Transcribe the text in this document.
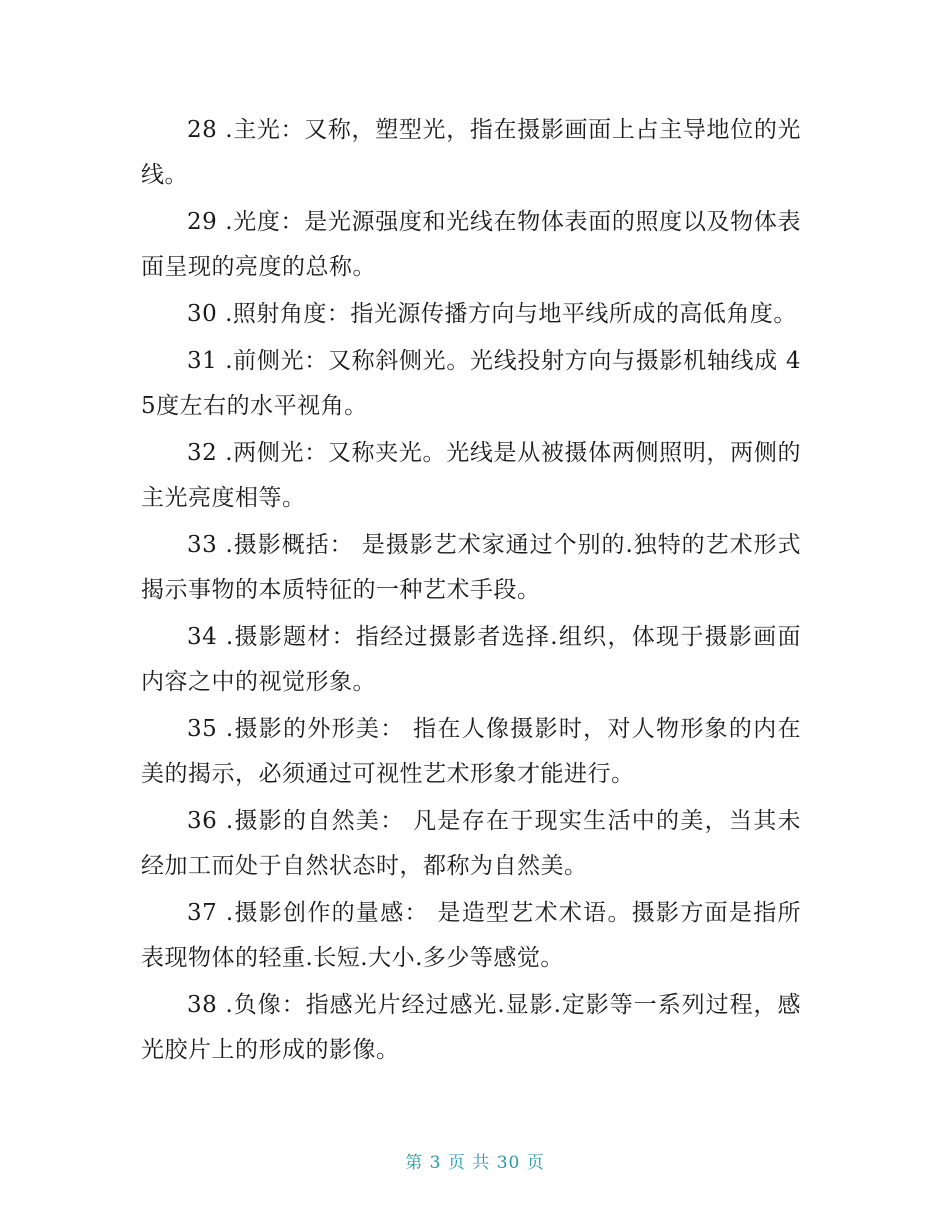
28 .主光：又称，塑型光，指在摄影画面上占主导地位的光线。

29 .光度：是光源强度和光线在物体表面的照度以及物体表面呈现的亮度的总称。

30 .照射角度：指光源传播方向与地平线所成的高低角度。

31 .前侧光：又称斜侧光。光线投射方向与摄影机轴线成 45度左右的水平视角。

32 .两侧光：又称夹光。光线是从被摄体两侧照明，两侧的主光亮度相等。

33 .摄影概括： 是摄影艺术家通过个别的.独特的艺术形式揭示事物的本质特征的一种艺术手段。

34 .摄影题材：指经过摄影者选择.组织，体现于摄影画面内容之中的视觉形象。

35 .摄影的外形美： 指在人像摄影时，对人物形象的内在美的揭示，必须通过可视性艺术形象才能进行。

36 .摄影的自然美： 凡是存在于现实生活中的美，当其未经加工而处于自然状态时，都称为自然美。

37 .摄影创作的量感： 是造型艺术术语。摄影方面是指所表现物体的轻重.长短.大小.多少等感觉。

38 .负像：指感光片经过感光.显影.定影等一系列过程，感光胶片上的形成的影像。

第 3 页 共 30 页
